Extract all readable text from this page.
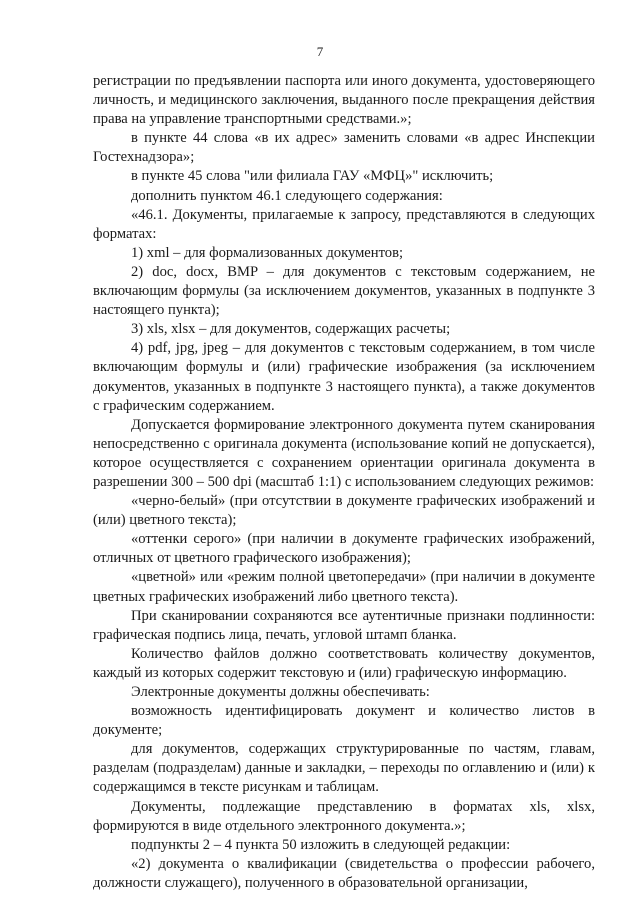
7

регистрации по предъявлении паспорта или иного документа, удостоверяющего личность, и медицинского заключения, выданного после прекращения действия права на управление транспортными средствами.»;

в пункте 44 слова «в их адрес» заменить словами «в адрес Инспекции Гостехнадзора»;

в пункте 45 слова "или филиала ГАУ «МФЦ»" исключить;

дополнить пунктом 46.1 следующего содержания:

«46.1. Документы, прилагаемые к запросу, представляются в следующих форматах:

1) xml – для формализованных документов;

2) doc, docx, BMP – для документов с текстовым содержанием, не включающим формулы (за исключением документов, указанных в подпункте 3 настоящего пункта);

3) xls, xlsx – для документов, содержащих расчеты;

4) pdf, jpg, jpeg – для документов с текстовым содержанием, в том числе включающим формулы и (или) графические изображения (за исключением документов, указанных в подпункте 3 настоящего пункта), а также документов с графическим содержанием.

Допускается формирование электронного документа путем сканирования непосредственно с оригинала документа (использование копий не допускается), которое осуществляется с сохранением ориентации оригинала документа в разрешении 300 – 500 dpi (масштаб 1:1) с использованием следующих режимов:

«черно-белый» (при отсутствии в документе графических изображений и (или) цветного текста);

«оттенки серого» (при наличии в документе графических изображений, отличных от цветного графического изображения);

«цветной» или «режим полной цветопередачи» (при наличии в документе цветных графических изображений либо цветного текста).

При сканировании сохраняются все аутентичные признаки подлинности: графическая подпись лица, печать, угловой штамп бланка.

Количество файлов должно соответствовать количеству документов, каждый из которых содержит текстовую и (или) графическую информацию.

Электронные документы должны обеспечивать:

возможность идентифицировать документ и количество листов в документе;

для документов, содержащих структурированные по частям, главам, разделам (подразделам) данные и закладки, – переходы по оглавлению и (или) к содержащимся в тексте рисункам и таблицам.

Документы, подлежащие представлению в форматах xls, xlsx, формируются в виде отдельного электронного документа.»;

подпункты 2 – 4 пункта 50 изложить в следующей редакции:

«2) документа о квалификации (свидетельства о профессии рабочего, должности служащего), полученного в образовательной организации,
